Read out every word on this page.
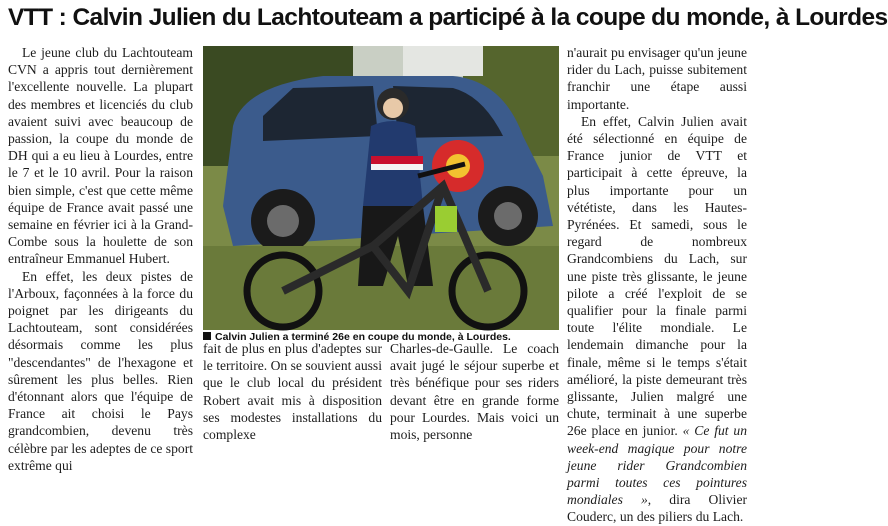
VTT : Calvin Julien du Lachtouteam a participé à la coupe du monde, à Lourdes

Le jeune club du Lachtouteam CVN a appris tout dernièrement l'excellente nouvelle. La plupart des membres et licenciés du club avaient suivi avec beaucoup de passion, la coupe du monde de DH qui a eu lieu à Lourdes, entre le 7 et le 10 avril. Pour la raison bien simple, c'est que cette même équipe de France avait passé une semaine en février ici à la Grand-Combe sous la houlette de son entraîneur Emmanuel Hubert.

En effet, les deux pistes de l'Arboux, façonnées à la force du poignet par les dirigeants du Lachtouteam, sont considérées désormais comme les plus "descendantes" de l'hexagone et sûrement les plus belles. Rien d'étonnant alors que l'équipe de France ait choisi le Pays grandcombien, devenu très célèbre par les adeptes de ce sport extrême qui

Calvin Julien a terminé 26e en coupe du monde, à Lourdes.

fait de plus en plus d'adeptes sur le territoire. On se souvient aussi que le club local du président Robert avait mis à disposition ses modestes installations du complexe

Charles-de-Gaulle. Le coach avait jugé le séjour superbe et très bénéfique pour ses riders devant être en grande forme pour Lourdes. Mais voici un mois, personne

n'aurait pu envisager qu'un jeune rider du Lach, puisse subitement franchir une étape aussi importante.

En effet, Calvin Julien avait été sélectionné en équipe de France junior de VTT et participait à cette épreuve, la plus importante pour un vététiste, dans les Hautes-Pyrénées. Et samedi, sous le regard de nombreux Grandcombiens du Lach, sur une piste très glissante, le jeune pilote a créé l'exploit de se qualifier pour la finale parmi toute l'élite mondiale. Le lendemain dimanche pour la finale, même si le temps s'était amélioré, la piste demeurant très glissante, Julien malgré une chute, terminait à une superbe 26e place en junior. « Ce fut un week-end magique pour notre jeune rider Grandcombien parmi toutes ces pointures mondiales », dira Olivier Couderc, un des piliers du Lach.
